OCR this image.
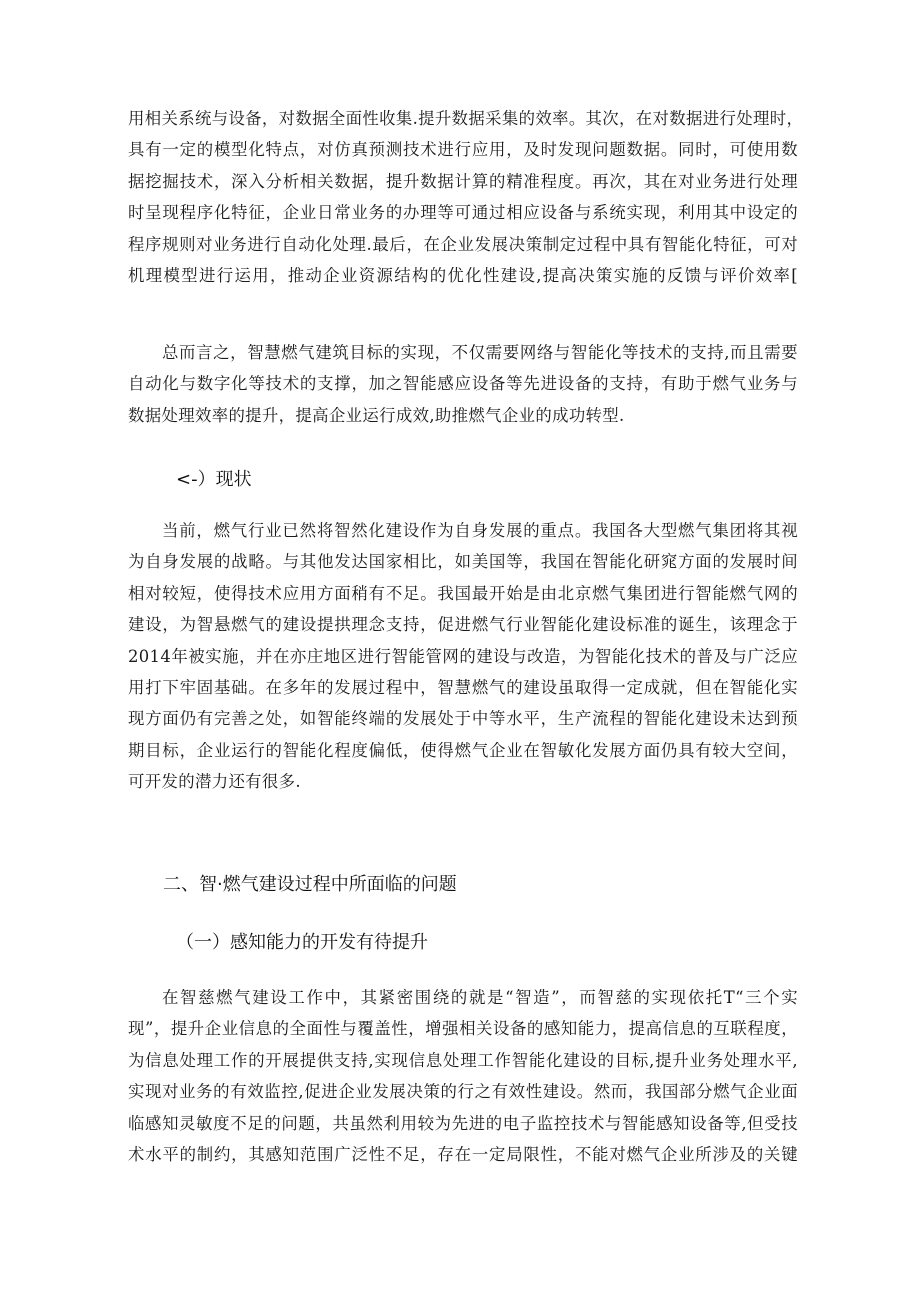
用相关系统与设备，对数据全面性收集.提升数据采集的效率。其次，在对数据进行处理时，
具有一定的模型化特点，对仿真预测技术进行应用，及时发现问题数据。同时，可使用数
据挖掘技术，深入分析相关数据，提升数据计算的精准程度。再次，其在对业务进行处理
时呈现程序化特征，企业日常业务的办理等可通过相应设备与系统实现，利用其中设定的
程序规则对业务进行自动化处理.最后，在企业发展决策制定过程中具有智能化特征，可对
机理模型进行运用，推动企业资源结构的优化性建设,提高决策实施的反馈与评价效率[
总而言之，智慧燃气建筑目标的实现，不仅需要网络与智能化等技术的支持,而且需要
自动化与数字化等技术的支撑，加之智能感应设备等先进设备的支持，有助于燃气业务与
数据处理效率的提升，提高企业运行成效,助推燃气企业的成功转型.
<-）现状
当前，燃气行业已然将智然化建设作为自身发展的重点。我国各大型燃气集团将其视
为自身发展的战略。与其他发达国家相比，如美国等，我国在智能化研窕方面的发展时间
相对较短，使得技术应用方面稍有不足。我国最开始是由北京燃气集团进行智能燃气网的
建设，为智悬燃气的建设提拱理念支持，促进燃气行业智能化建设标准的诞生，该理念于
2014年被实施，并在亦庄地区进行智能管网的建设与改造，为智能化技术的普及与广泛应
用打下牢固基础。在多年的发展过程中，智慧燃气的建设虽取得一定成就，但在智能化实
现方面仍有完善之处，如智能终端的发展处于中等水平，生产流程的智能化建设未达到预
期目标，企业运行的智能化程度偏低，使得燃气企业在智敏化发展方面仍具有较大空间，
可开发的潜力还有很多.
二、智·燃气建设过程中所面临的问题
（一）感知能力的开发有待提升
在智慈燃气建设工作中，其紧密围绕的就是“智造”，而智慈的实现依托T“三个实
现”，提升企业信息的全面性与覆盖性，增强相关设备的感知能力，提高信息的互联程度，
为信息处理工作的开展提供支持,实现信息处理工作智能化建设的目标,提升业务处理水平,
实现对业务的有效监控,促进企业发展决策的行之有效性建设。然而，我国部分燃气企业面
临感知灵敏度不足的问题，共虽然利用较为先进的电子监控技术与智能感知设备等,但受技
术水平的制约，其感知范围广泛性不足，存在一定局限性，不能对燃气企业所涉及的关键
